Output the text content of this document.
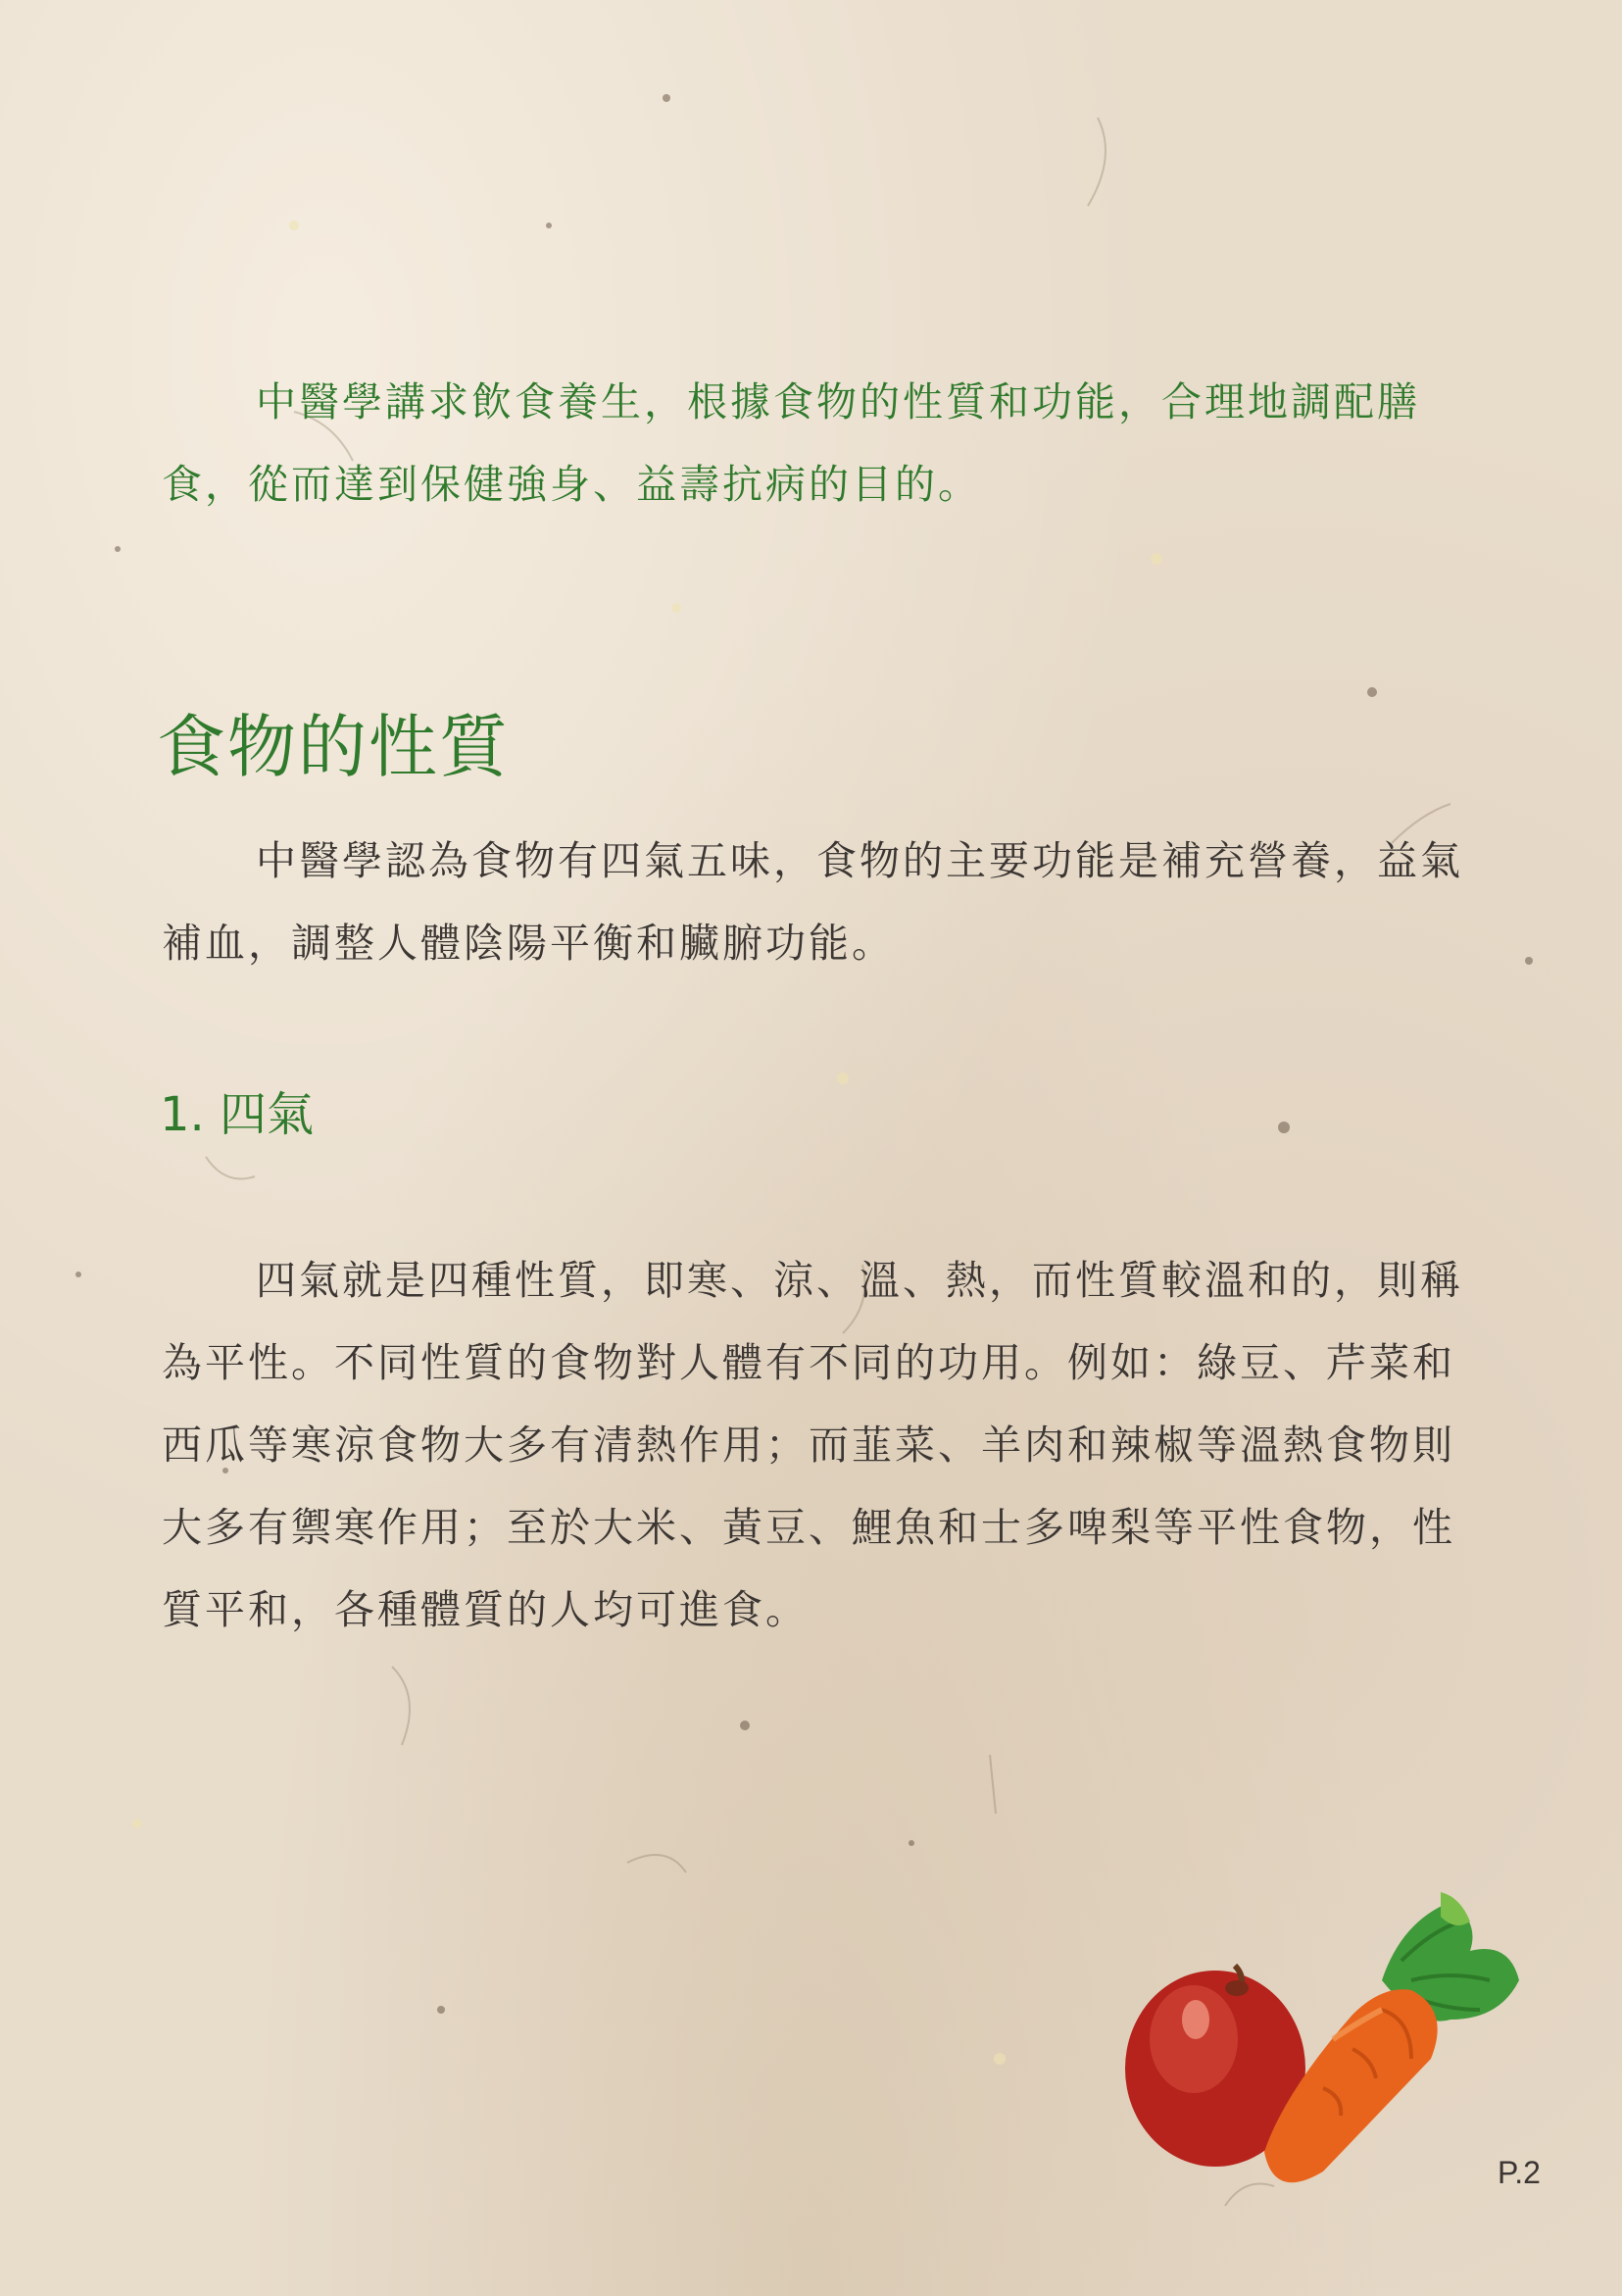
中醫學講求飲食養生，根據食物的性質和功能，合理地調配膳食，從而達到保健強身、益壽抗病的目的。

食物的性質

中醫學認為食物有四氣五味，食物的主要功能是補充營養，益氣補血，調整人體陰陽平衡和臟腑功能。

1. 四氣

四氣就是四種性質，即寒、涼、溫、熱，而性質較溫和的，則稱為平性。不同性質的食物對人體有不同的功用。例如：綠豆、芹菜和西瓜等寒涼食物大多有清熱作用；而韮菜、羊肉和辣椒等溫熱食物則大多有禦寒作用；至於大米、黃豆、鯉魚和士多啤梨等平性食物，性質平和，各種體質的人均可進食。

P.2
